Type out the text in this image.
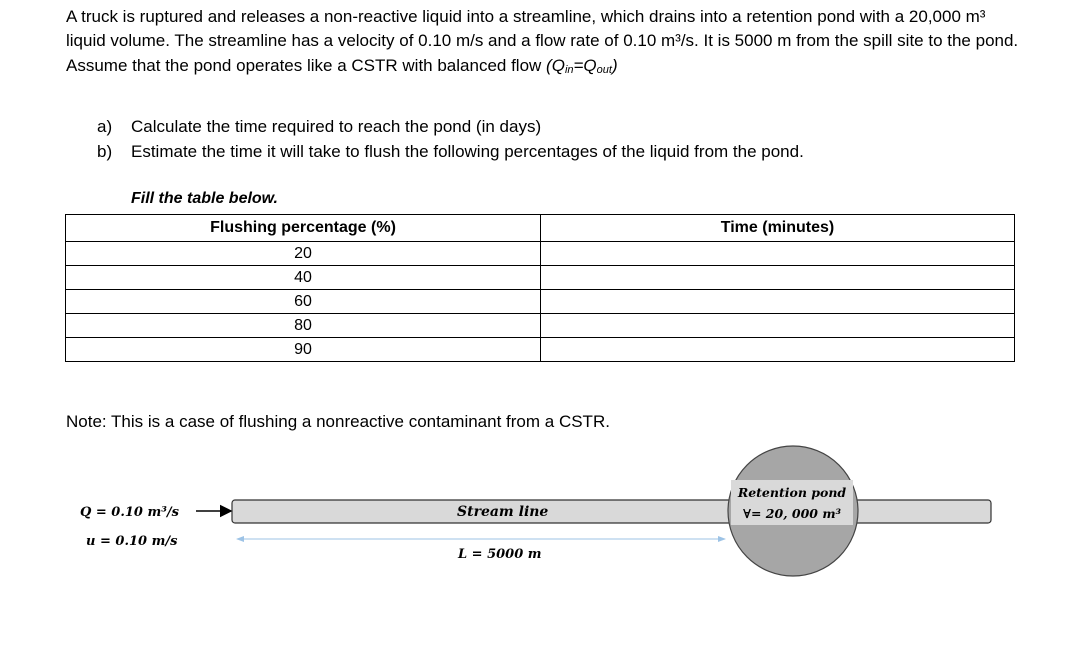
A truck is ruptured and releases a non-reactive liquid into a streamline, which drains into a retention pond with a 20,000 m³ liquid volume. The streamline has a velocity of 0.10 m/s and a flow rate of 0.10 m³/s. It is 5000 m from the spill site to the pond. Assume that the pond operates like a CSTR with balanced flow $(Q_{in}=Q_{out})$
a) Calculate the time required to reach the pond (in days)
b) Estimate the time it will take to flush the following percentages of the liquid from the pond.
Fill the table below.
Flushing percentage (%)	Time (minutes)
20	
40	
60	
80	
90	
Note: This is a case of flushing a nonreactive contaminant from a CSTR.
Q = 0.10 m³/s
u = 0.10 m/s
Stream line
L = 5000 m
Retention pond
∀= 20, 000 m³
